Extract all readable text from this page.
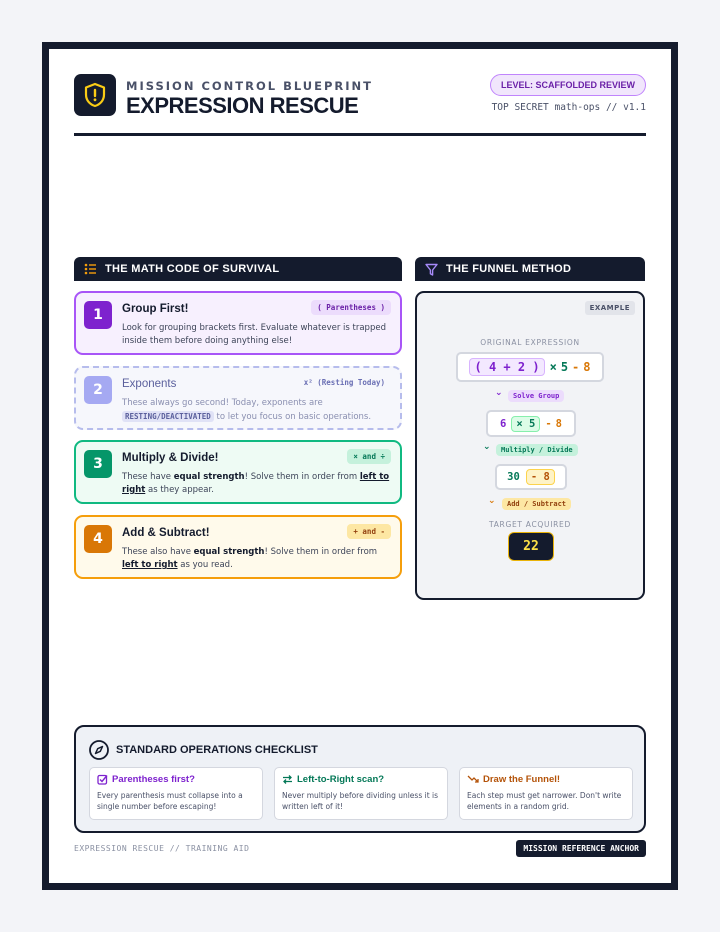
MISSION CONTROL BLUEPRINT
EXPRESSION RESCUE
LEVEL: SCAFFOLDED REVIEW
TOP SECRET math-ops // v1.1
THE MATH CODE OF SURVIVAL
1	Group First!	( Parentheses )
Look for grouping brackets first. Evaluate whatever is trapped inside them before doing anything else!
2	Exponents	x² (Resting Today)
These always go second! Today, exponents are RESTING/DEACTIVATED to let you focus on basic operations.
3	Multiply & Divide!	× and ÷
These have equal strength! Solve them in order from left to right as they appear.
4	Add & Subtract!	+ and -
These also have equal strength! Solve them in order from left to right as you read.
THE FUNNEL METHOD
EXAMPLE
ORIGINAL EXPRESSION
( 4 + 2 ) × 5 - 8
⌄	Solve Group
6 × 5 - 8
⌄	Multiply / Divide
30	- 8
⌄	Add / Subtract
TARGET ACQUIRED
22
STANDARD OPERATIONS CHECKLIST
Parentheses first?
Every parenthesis must collapse into a single number before escaping!
Left-to-Right scan?
Never multiply before dividing unless it is written left of it!
Draw the Funnel!
Each step must get narrower. Don't write elements in a random grid.
EXPRESSION RESCUE // TRAINING AID	MISSION REFERENCE ANCHOR
